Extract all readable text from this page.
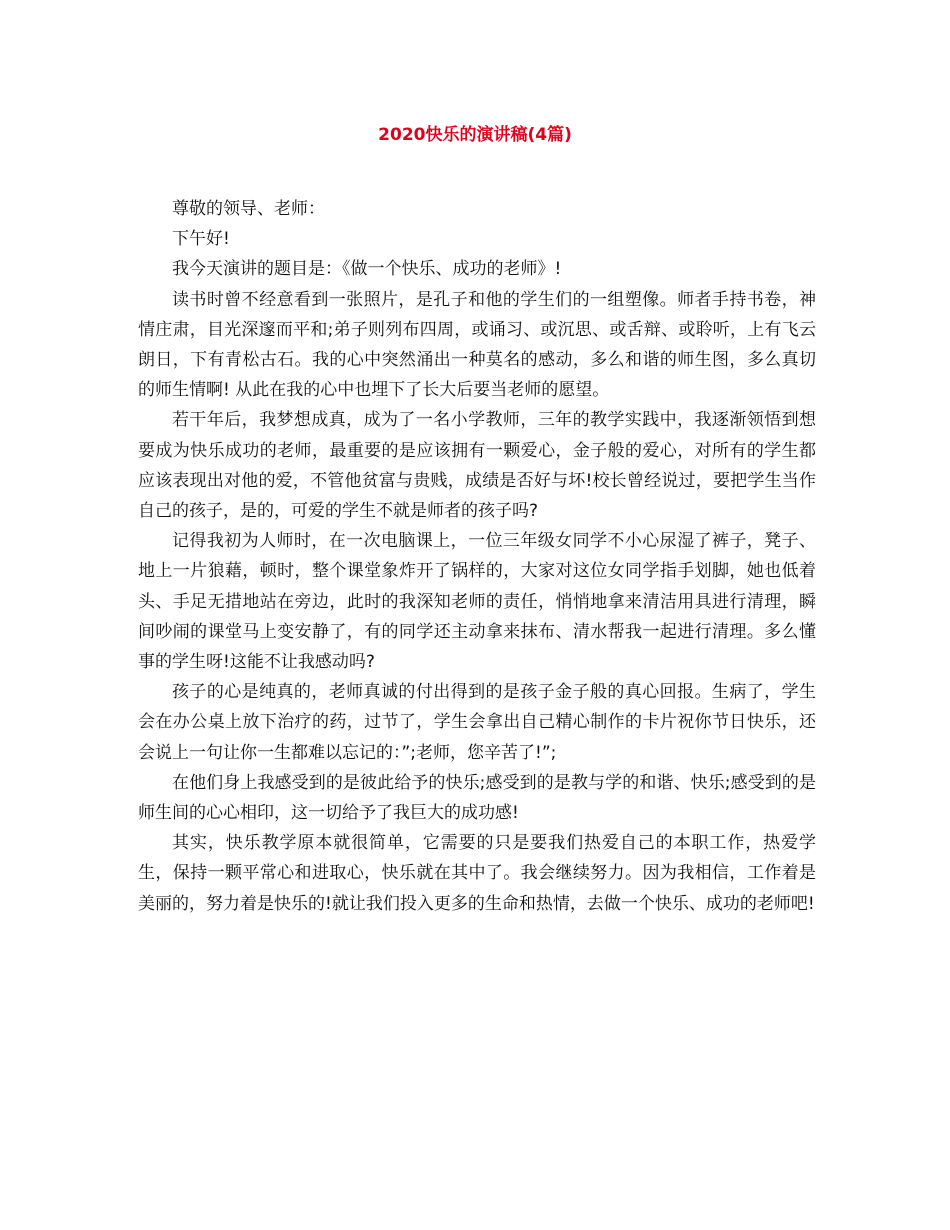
2020快乐的演讲稿(4篇)

尊敬的领导、老师：

下午好!

我今天演讲的题目是：《做一个快乐、成功的老师》!

读书时曾不经意看到一张照片，是孔子和他的学生们的一组塑像。师者手持书卷，神情庄肃，目光深邃而平和;弟子则列布四周，或诵习、或沉思、或舌辩、或聆听，上有飞云朗日，下有青松古石。我的心中突然涌出一种莫名的感动，多么和谐的师生图，多么真切的师生情啊! 从此在我的心中也埋下了长大后要当老师的愿望。

若干年后，我梦想成真，成为了一名小学教师，三年的教学实践中，我逐渐领悟到想要成为快乐成功的老师，最重要的是应该拥有一颗爱心，金子般的爱心，对所有的学生都应该表现出对他的爱，不管他贫富与贵贱，成绩是否好与坏!校长曾经说过，要把学生当作自己的孩子，是的，可爱的学生不就是师者的孩子吗?

记得我初为人师时，在一次电脑课上，一位三年级女同学不小心尿湿了裤子，凳子、地上一片狼藉，顿时，整个课堂象炸开了锅样的，大家对这位女同学指手划脚，她也低着头、手足无措地站在旁边，此时的我深知老师的责任，悄悄地拿来清洁用具进行清理，瞬间吵闹的课堂马上变安静了，有的同学还主动拿来抹布、清水帮我一起进行清理。多么懂事的学生呀!这能不让我感动吗?

孩子的心是纯真的，老师真诚的付出得到的是孩子金子般的真心回报。生病了，学生会在办公桌上放下治疗的药，过节了，学生会拿出自己精心制作的卡片祝你节日快乐，还会说上一句让你一生都难以忘记的：”;老师，您辛苦了!”;

在他们身上我感受到的是彼此给予的快乐;感受到的是教与学的和谐、快乐;感受到的是师生间的心心相印，这一切给予了我巨大的成功感!

其实，快乐教学原本就很简单，它需要的只是要我们热爱自己的本职工作，热爱学生，保持一颗平常心和进取心，快乐就在其中了。我会继续努力。因为我相信，工作着是美丽的，努力着是快乐的!就让我们投入更多的生命和热情，去做一个快乐、成功的老师吧!
